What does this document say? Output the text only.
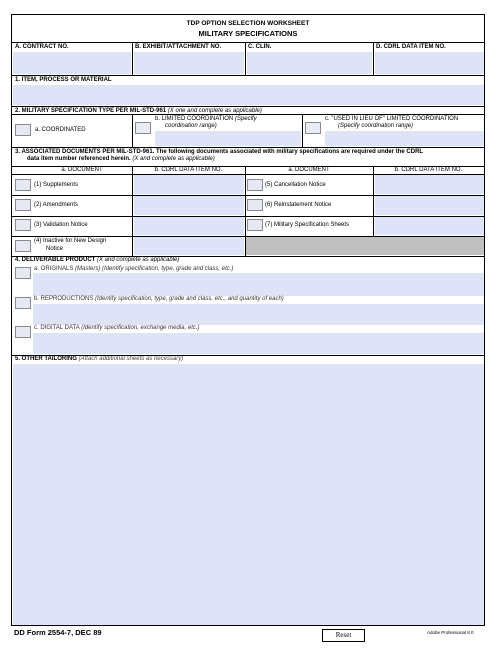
TDP OPTION SELECTION WORKSHEET
MILITARY SPECIFICATIONS
A. CONTRACT NO.	B. EXHIBIT/ATTACHMENT NO.	C. CLIN.	D. CDRL DATA ITEM NO.
1. ITEM, PROCESS OR MATERIAL
2. MILITARY SPECIFICATION TYPE PER MIL-STD-961 (X one and complete as applicable)
a. COORDINATED
b. LIMITED COORDINATION (Specify
coordination range)
c. "USED IN LIEU OF" LIMITED COORDINATION
(Specify coordination range)
3. ASSOCIATED DOCUMENTS PER MIL-STD-961. The following documents associated with military specifications are required under the CDRL
data item number referenced herein. (X and complete as applicable)
a. DOCUMENT	b. CDRL DATA ITEM NO.	a. DOCUMENT	b. CDRL DATA ITEM NO.
(1) Supplements	(5) Cancellation Notice
(2) Amendments	(6) Reinstatement Notice
(3) Validation Notice	(7) Military Specification Sheets
(4) Inactive for New Design
Notice
4. DELIVERABLE PRODUCT (X and complete as applicable)
a. ORIGINALS (Masters) (Identify specification, type, grade and class, etc.)
b. REPRODUCTIONS (Identify specification, type, grade and class, etc., and quantity of each)
c. DIGITAL DATA (Identify specification, exchange media, etc.)
5. OTHER TAILORING (Attach additional sheets as necessary)
DD Form 2554-7, DEC 89	Reset	Adobe Professional 8.0
